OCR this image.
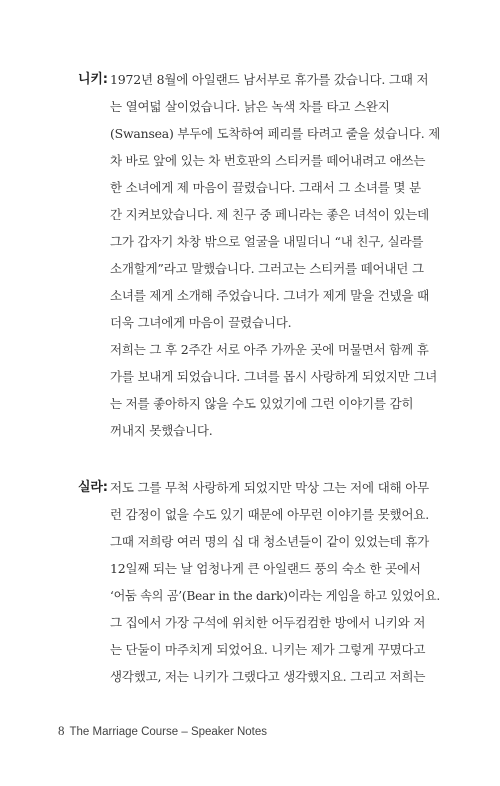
니키: 1972년 8월에 아일랜드 남서부로 휴가를 갔습니다. 그때 저
는 열여덟 살이었습니다. 낡은 녹색 차를 타고 스완지
(Swansea) 부두에 도착하여 페리를 타려고 줄을 섰습니다. 제
차 바로 앞에 있는 차 번호판의 스티커를 떼어내려고 애쓰는
한 소녀에게 제 마음이 끌렸습니다. 그래서 그 소녀를 몇 분
간 지켜보았습니다. 제 친구 중 페니라는 좋은 녀석이 있는데
그가 갑자기 차창 밖으로 얼굴을 내밀더니 “내 친구, 실라를
소개할게”라고 말했습니다. 그러고는 스티커를 떼어내던 그
소녀를 제게 소개해 주었습니다. 그녀가 제게 말을 건넸을 때
더욱 그녀에게 마음이 끌렸습니다.
저희는 그 후 2주간 서로 아주 가까운 곳에 머물면서 함께 휴
가를 보내게 되었습니다. 그녀를 몹시 사랑하게 되었지만 그녀
는 저를 좋아하지 않을 수도 있었기에 그런 이야기를 감히
꺼내지 못했습니다.
실라: 저도 그를 무척 사랑하게 되었지만 막상 그는 저에 대해 아무
런 감정이 없을 수도 있기 때문에 아무런 이야기를 못했어요.
그때 저희랑 여러 명의 십 대 청소년들이 같이 있었는데 휴가
12일째 되는 날 엄청나게 큰 아일랜드 풍의 숙소 한 곳에서
‘어둠 속의 곰’(Bear in the dark)이라는 게임을 하고 있었어요.
그 집에서 가장 구석에 위치한 어두컴컴한 방에서 니키와 저
는 단둘이 마주치게 되었어요. 니키는 제가 그렇게 꾸몄다고
생각했고, 저는 니키가 그랬다고 생각했지요. 그리고 저희는
8 The Marriage Course – Speaker Notes
